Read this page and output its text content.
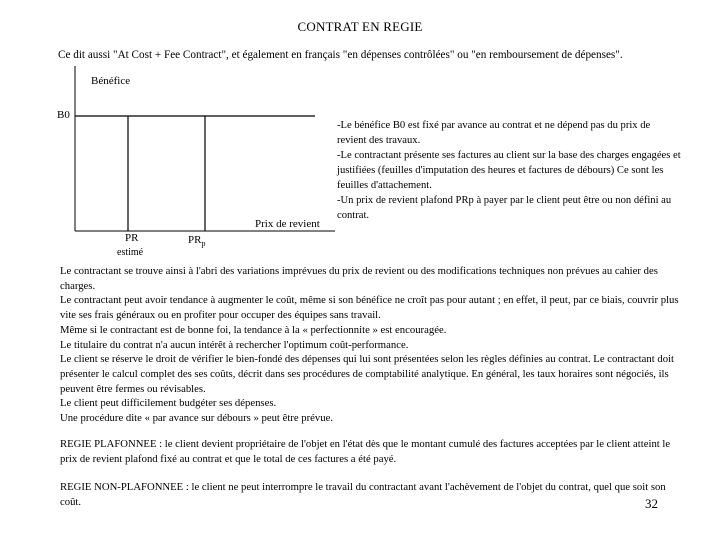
CONTRAT EN REGIE
Ce dit aussi "At Cost + Fee Contract", et également en français "en dépenses contrôlées" ou "en remboursement de dépenses".
Bénéfice
B0
Prix de revient
PR
estimé
$PR_p$
-Le bénéfice B0 est fixé par avance au contrat et ne dépend pas du prix de revient des travaux.
-Le contractant présente ses factures au client sur la base des charges engagées et justifiées (feuilles d'imputation des heures et factures de débours) Ce sont les feuilles d'attachement.
-Un prix de revient plafond PRp à payer par le client peut être ou non défini au contrat.

Le contractant se trouve ainsi à l'abri des variations imprévues du prix de revient ou des modifications techniques non prévues au cahier des charges.

Le contractant peut avoir tendance à augmenter le coût, même si son bénéfice ne croît pas pour autant ; en effet, il peut, par ce biais, couvrir plus vite ses frais généraux ou en profiter pour occuper des équipes sans travail.

Même si le contractant est de bonne foi, la tendance à la « perfectionnite » est encouragée.

Le titulaire du contrat n'a aucun intérêt à rechercher l'optimum coût-performance.

Le client se réserve le droit de vérifier le bien-fondé des dépenses qui lui sont présentées selon les règles définies au contrat. Le contractant doit présenter le calcul complet des ses coûts, décrit dans ses procédures de comptabilité analytique. En général, les taux horaires sont négociés, ils peuvent être fermes ou révisables.

Le client peut difficilement budgéter ses dépenses.

Une procédure dite « par avance sur débours » peut être prévue.

REGIE PLAFONNEE : le client devient propriétaire de l'objet en l'état dès que le montant cumulé des factures acceptées par le client atteint le prix de revient plafond fixé au contrat et que le total de ces factures a été payé.
REGIE NON-PLAFONNEE : le client ne peut interrompre le travail du contractant avant l'achèvement de l'objet du contrat, quel que soit son coût.	32
